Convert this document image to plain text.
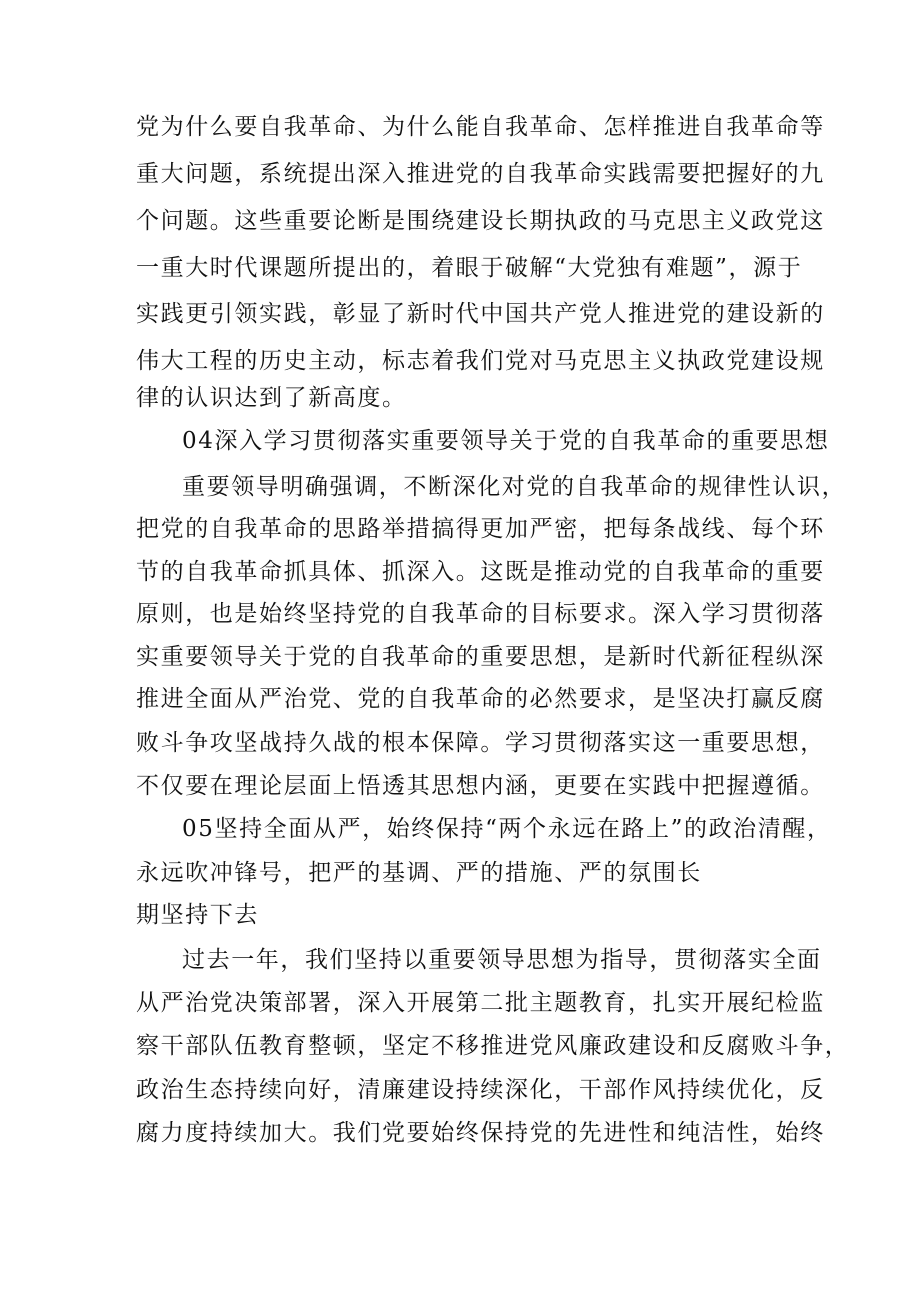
党为什么要自我革命、为什么能自我革命、怎样推进自我革命等
重大问题，系统提出深入推进党的自我革命实践需要把握好的九
个问题。这些重要论断是围绕建设长期执政的马克思主义政党这
一重大时代课题所提出的，着眼于破解“大党独有难题”，源于
实践更引领实践，彰显了新时代中国共产党人推进党的建设新的
伟大工程的历史主动，标志着我们党对马克思主义执政党建设规
律的认识达到了新高度。
04深入学习贯彻落实重要领导关于党的自我革命的重要思想
重要领导明确强调，不断深化对党的自我革命的规律性认识，
把党的自我革命的思路举措搞得更加严密，把每条战线、每个环
节的自我革命抓具体、抓深入。这既是推动党的自我革命的重要
原则，也是始终坚持党的自我革命的目标要求。深入学习贯彻落
实重要领导关于党的自我革命的重要思想，是新时代新征程纵深
推进全面从严治党、党的自我革命的必然要求，是坚决打赢反腐
败斗争攻坚战持久战的根本保障。学习贯彻落实这一重要思想，
不仅要在理论层面上悟透其思想内涵，更要在实践中把握遵循。
05坚持全面从严，始终保持“两个永远在路上”的政治清醒，
永远吹冲锋号，把严的基调、严的措施、严的氛围长
期坚持下去
过去一年，我们坚持以重要领导思想为指导，贯彻落实全面
从严治党决策部署，深入开展第二批主题教育，扎实开展纪检监
察干部队伍教育整顿，坚定不移推进党风廉政建设和反腐败斗争，
政治生态持续向好，清廉建设持续深化，干部作风持续优化，反
腐力度持续加大。我们党要始终保持党的先进性和纯洁性，始终
